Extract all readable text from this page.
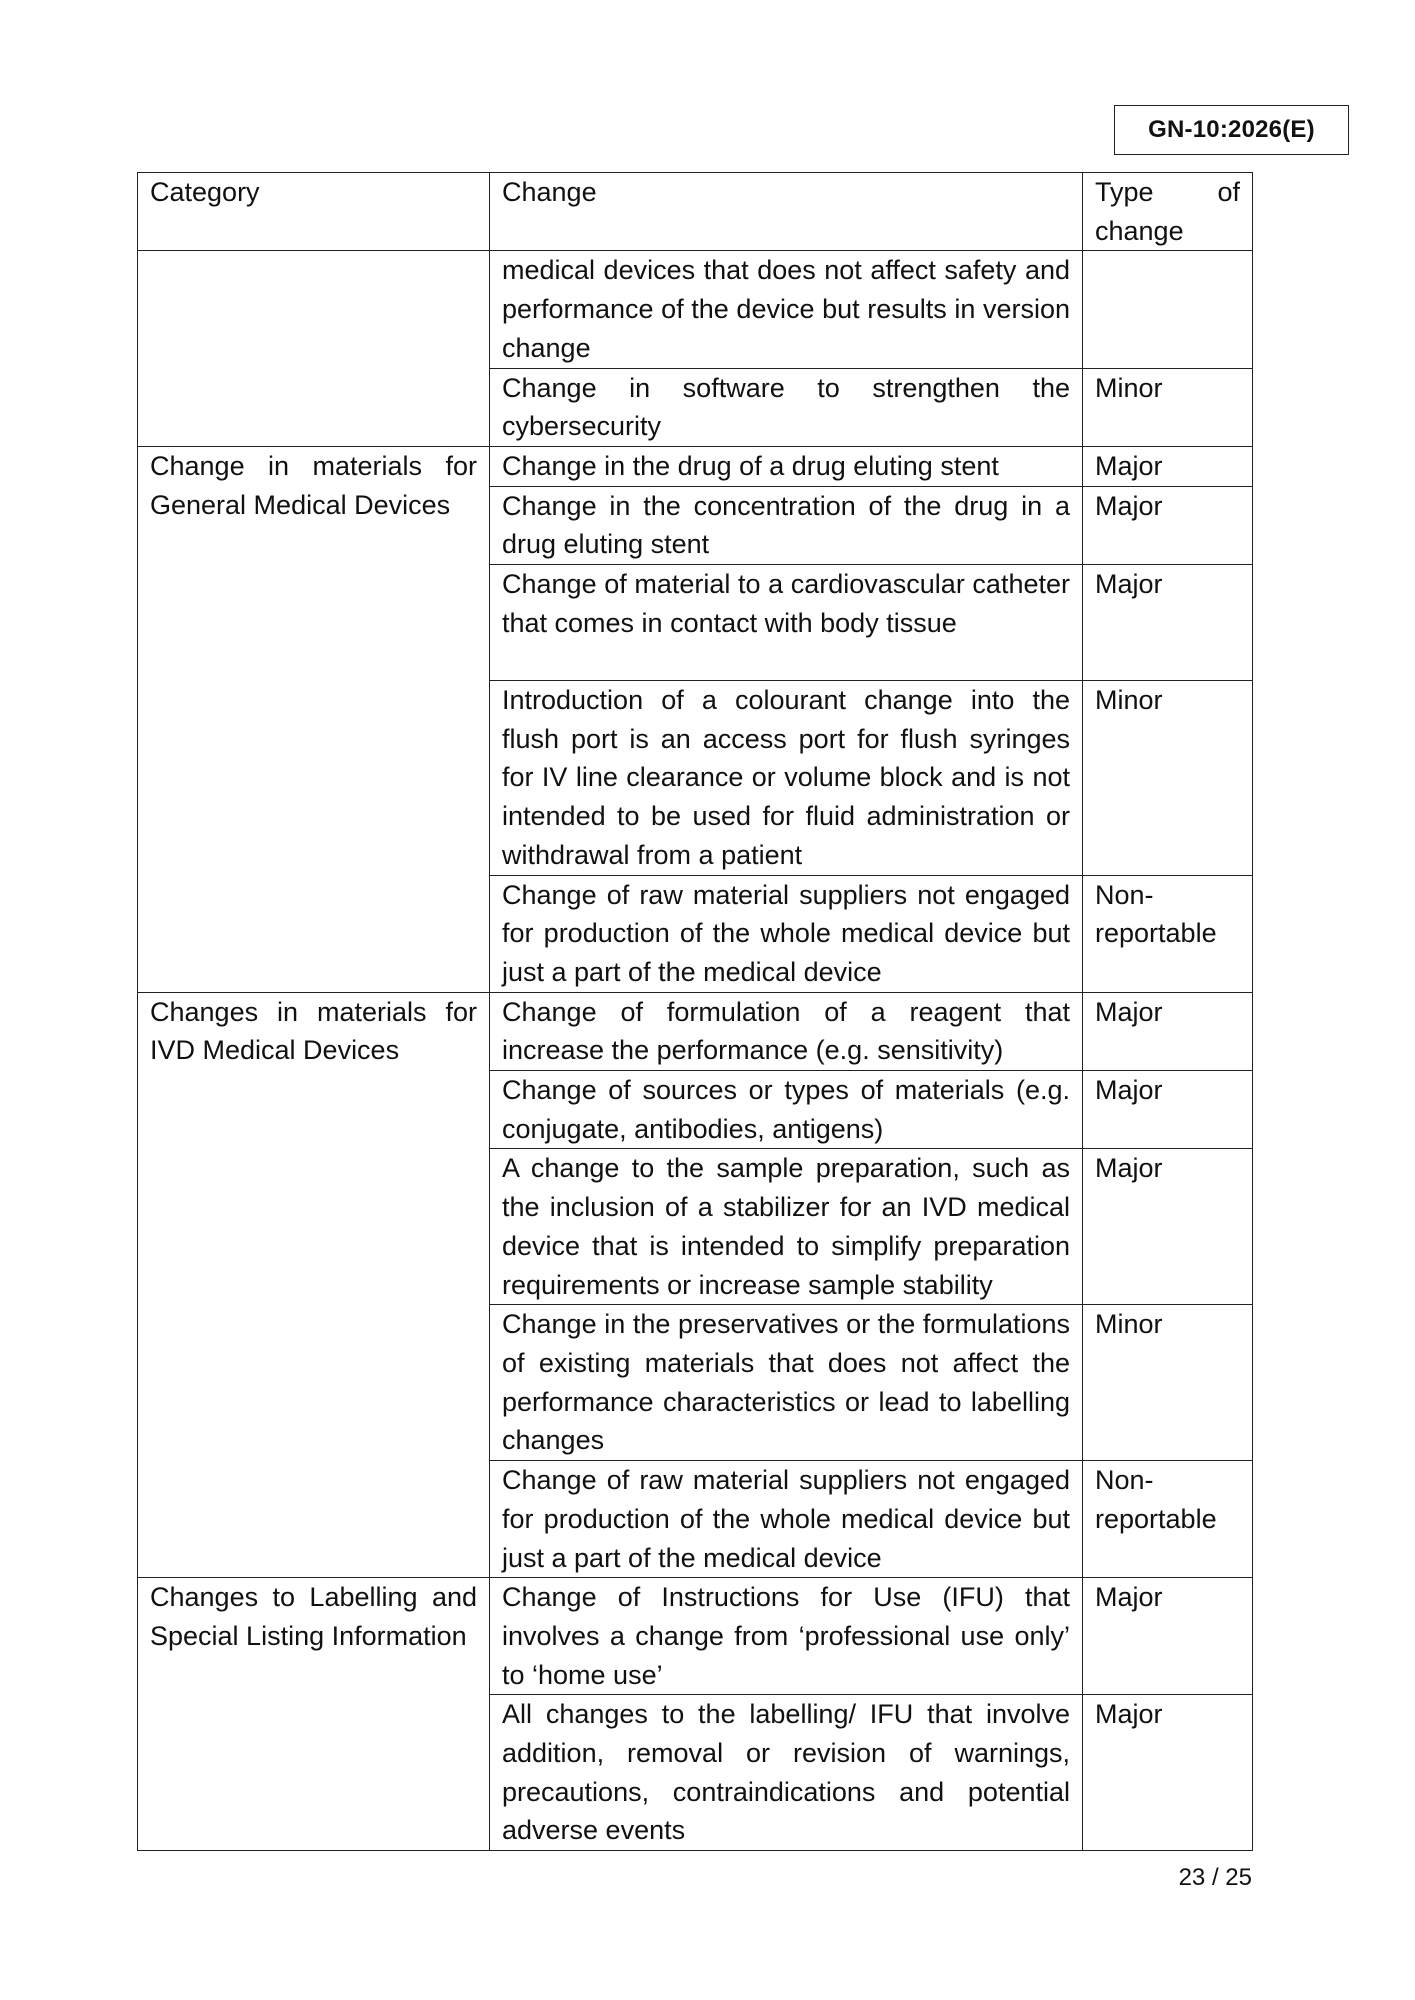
GN-10:2026(E)
Category	Change	Type of
change

	medical devices that does not affect safety and performance of the device but results in version change	
	Change in software to strengthen the cybersecurity	Minor
Change in materials for General Medical Devices	Change in the drug of a drug eluting stent	Major
	Change in the concentration of the drug in a drug eluting stent	Major
	Change of material to a cardiovascular catheter that comes in contact with body tissue	Major
	Introduction of a colourant change into the flush port is an access port for flush syringes for IV line clearance or volume block and is not intended to be used for fluid administration or withdrawal from a patient	Minor
	Change of raw material suppliers not engaged for production of the whole medical device but just a part of the medical device	Non-reportable
Changes in materials for IVD Medical Devices	Change of formulation of a reagent that increase the performance (e.g. sensitivity)	Major
	Change of sources or types of materials (e.g. conjugate, antibodies, antigens)	Major
	A change to the sample preparation, such as the inclusion of a stabilizer for an IVD medical device that is intended to simplify preparation requirements or increase sample stability	Major
	Change in the preservatives or the formulations of existing materials that does not affect the performance characteristics or lead to labelling changes	Minor
	Change of raw material suppliers not engaged for production of the whole medical device but just a part of the medical device	Non-reportable
Changes to Labelling and Special Listing Information	Change of Instructions for Use (IFU) that involves a change from ‘professional use only’ to ‘home use’	Major
	All changes to the labelling/ IFU that involve addition, removal or revision of warnings, precautions, contraindications and potential adverse events	Major
23 / 25
